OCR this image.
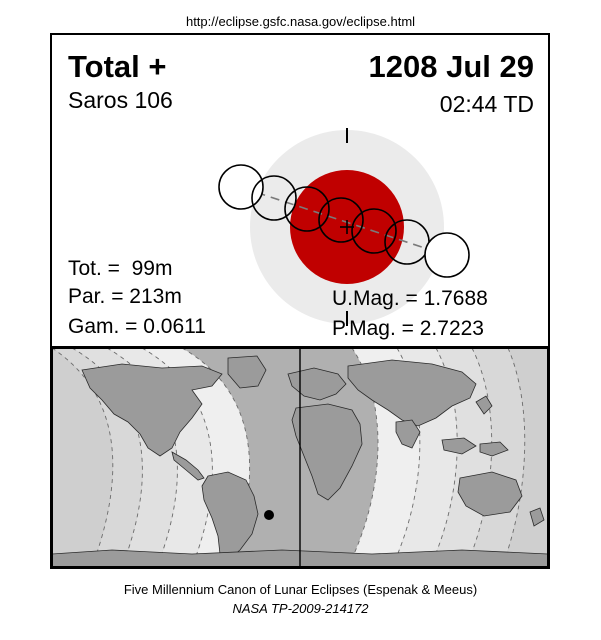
http://eclipse.gsfc.nasa.gov/eclipse.html
Total +
Saros 106
1208 Jul 29
02:44 TD
Tot. =  99m
Par. = 213m
Gam. = 0.0611
U.Mag. = 1.7688
P.Mag. = 2.7223
Five Millennium Canon of Lunar Eclipses (Espenak & Meeus)
NASA TP-2009-214172
